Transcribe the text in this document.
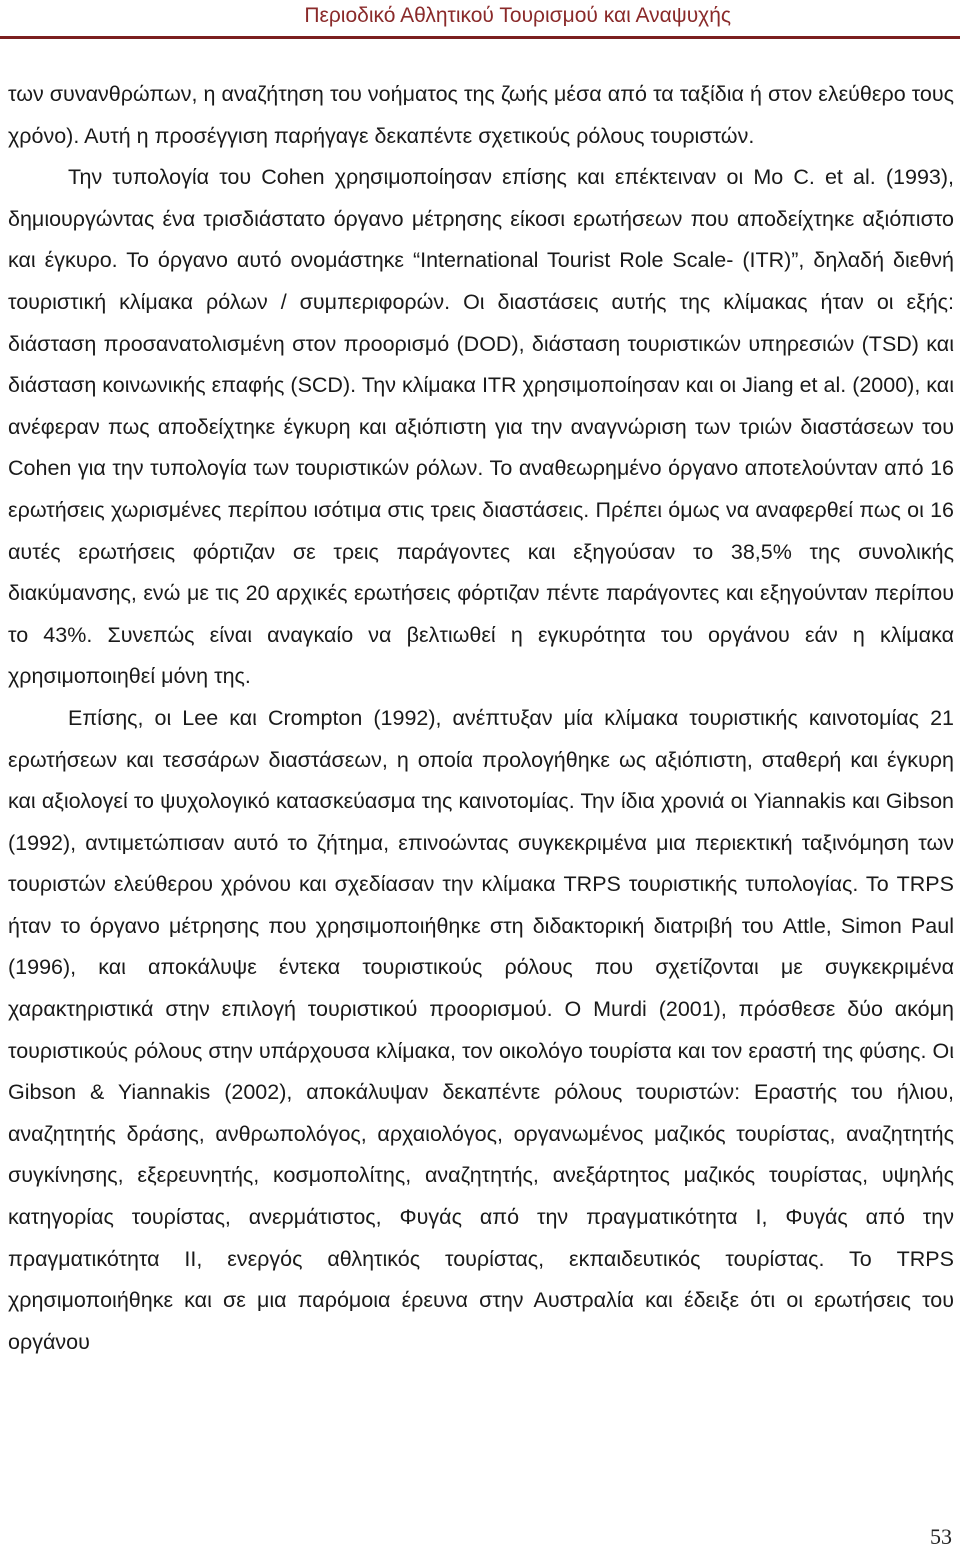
Περιοδικό Αθλητικού Τουρισμού και Αναψυχής

των συνανθρώπων, η αναζήτηση του νοήματος της ζωής μέσα από τα ταξίδια ή στον ελεύθερο τους χρόνο). Αυτή η προσέγγιση παρήγαγε δεκαπέντε σχετικούς ρόλους τουριστών.

Την τυπολογία του Cohen χρησιμοποίησαν επίσης και επέκτειναν οι Mo C. et al. (1993), δημιουργώντας ένα τρισδιάστατο όργανο μέτρησης είκοσι ερωτήσεων που αποδείχτηκε αξιόπιστο και έγκυρο. Το όργανο αυτό ονομάστηκε “International Tourist Role Scale- (ITR)”, δηλαδή διεθνή τουριστική κλίμακα ρόλων / συμπεριφορών. Οι διαστάσεις αυτής της κλίμακας ήταν οι εξής: διάσταση προσανατολισμένη στον προορισμό (DOD), διάσταση τουριστικών υπηρεσιών (TSD) και διάσταση κοινωνικής επαφής (SCD). Την κλίμακα ITR χρησιμοποίησαν και οι Jiang et al. (2000), και ανέφεραν πως αποδείχτηκε έγκυρη και αξιόπιστη για την αναγνώριση των τριών διαστάσεων του Cohen για την τυπολογία των τουριστικών ρόλων. Το αναθεωρημένο όργανο αποτελούνταν από 16 ερωτήσεις χωρισμένες περίπου ισότιμα στις τρεις διαστάσεις. Πρέπει όμως να αναφερθεί πως οι 16 αυτές ερωτήσεις φόρτιζαν σε τρεις παράγοντες και εξηγούσαν το 38,5% της συνολικής διακύμανσης, ενώ με τις 20 αρχικές ερωτήσεις φόρτιζαν πέντε παράγοντες και εξηγούνταν περίπου το 43%. Συνεπώς είναι αναγκαίο να βελτιωθεί η εγκυρότητα του οργάνου εάν η κλίμακα χρησιμοποιηθεί μόνη της.

Επίσης, οι Lee και Crompton (1992), ανέπτυξαν μία κλίμακα τουριστικής καινοτομίας 21 ερωτήσεων και τεσσάρων διαστάσεων, η οποία προλογήθηκε ως αξιόπιστη, σταθερή και έγκυρη και αξιολογεί το ψυχολογικό κατασκεύασμα της καινοτομίας. Την ίδια χρονιά οι Yiannakis και Gibson (1992), αντιμετώπισαν αυτό το ζήτημα, επινοώντας συγκεκριμένα μια περιεκτική ταξινόμηση των τουριστών ελεύθερου χρόνου και σχεδίασαν την κλίμακα TRPS τουριστικής τυπολογίας. Το TRPS ήταν το όργανο μέτρησης που χρησιμοποιήθηκε στη διδακτορική διατριβή του Attle, Simon Paul (1996), και αποκάλυψε έντεκα τουριστικούς ρόλους που σχετίζονται με συγκεκριμένα χαρακτηριστικά στην επιλογή τουριστικού προορισμού. Ο Murdi (2001), πρόσθεσε δύο ακόμη τουριστικούς ρόλους στην υπάρχουσα κλίμακα, τον οικολόγο τουρίστα και τον εραστή της φύσης. Οι Gibson & Yiannakis (2002), αποκάλυψαν δεκαπέντε ρόλους τουριστών: Εραστής του ήλιου, αναζητητής δράσης, ανθρωπολόγος, αρχαιολόγος, οργανωμένος μαζικός τουρίστας, αναζητητής συγκίνησης, εξερευνητής, κοσμοπολίτης, αναζητητής, ανεξάρτητος μαζικός τουρίστας, υψηλής κατηγορίας τουρίστας, ανερμάτιστος, Φυγάς από την πραγματικότητα Ι, Φυγάς από την πραγματικότητα ΙΙ, ενεργός αθλητικός τουρίστας, εκπαιδευτικός τουρίστας. Το TRPS χρησιμοποιήθηκε και σε μια παρόμοια έρευνα στην Αυστραλία και έδειξε ότι οι ερωτήσεις του οργάνου

53
